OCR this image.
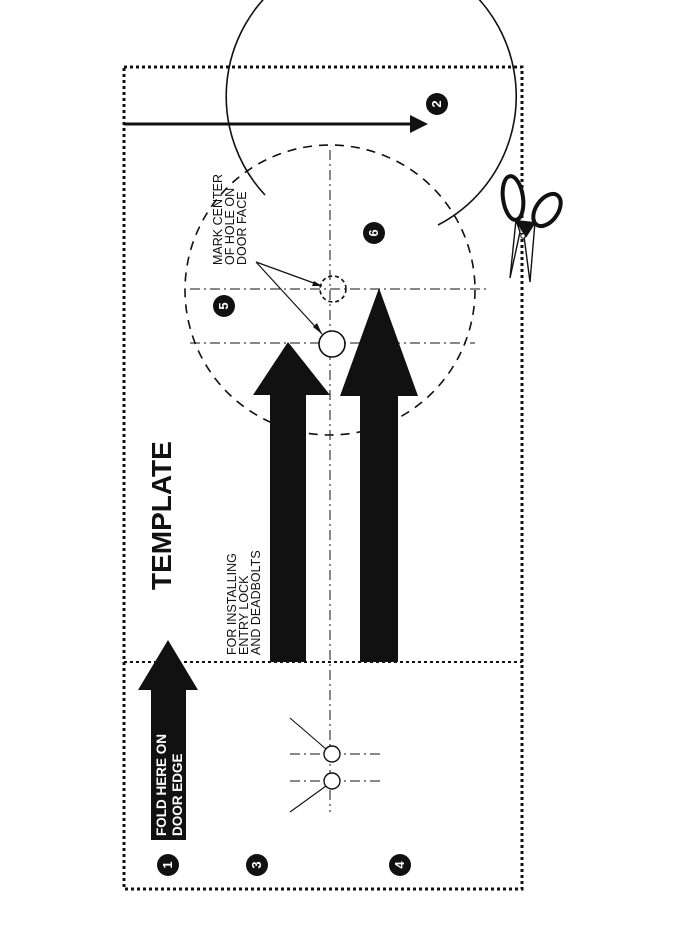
FOLD HERE ON DOOR EDGE
TEMPLATE
FOR INSTALLING
ENTRY LOCK
AND DEADBOLTS
MARK CENTER
OF HOLE ON
DOOR FACE
1
2
3	4
5
6
